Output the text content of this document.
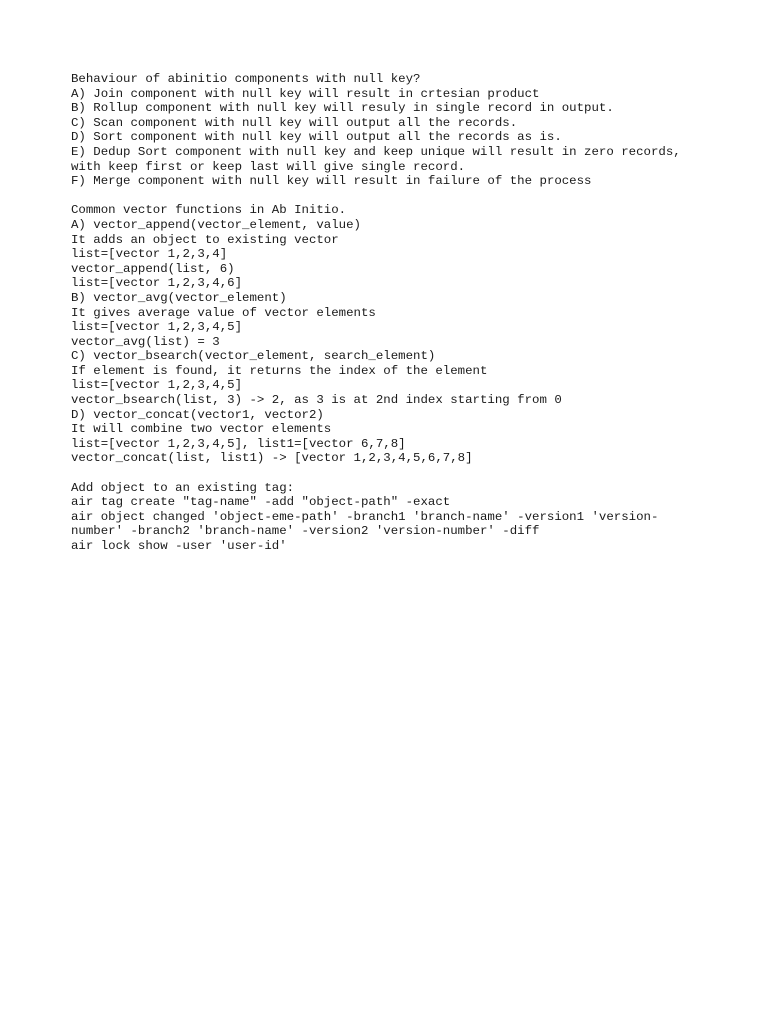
Behaviour of abinitio components with null key?
A) Join component with null key will result in crtesian product
B) Rollup component with null key will resuly in single record in output.
C) Scan component with null key will output all the records.
D) Sort component with null key will output all the records as is.
E) Dedup Sort component with null key and keep unique will result in zero records,
with keep first or keep last will give single record.
F) Merge component with null key will result in failure of the process
Common vector functions in Ab Initio.
A) vector_append(vector_element, value)
It adds an object to existing vector
list=[vector 1,2,3,4]
vector_append(list, 6)
list=[vector 1,2,3,4,6]
B) vector_avg(vector_element)
It gives average value of vector elements
list=[vector 1,2,3,4,5]
vector_avg(list) = 3
C) vector_bsearch(vector_element, search_element)
If element is found, it returns the index of the element
list=[vector 1,2,3,4,5]
vector_bsearch(list, 3) -> 2, as 3 is at 2nd index starting from 0
D) vector_concat(vector1, vector2)
It will combine two vector elements
list=[vector 1,2,3,4,5], list1=[vector 6,7,8]
vector_concat(list, list1) -> [vector 1,2,3,4,5,6,7,8]
Add object to an existing tag:
air tag create "tag-name" -add "object-path" -exact
air object changed 'object-eme-path' -branch1 'branch-name' -version1 'version-
number' -branch2 'branch-name' -version2 'version-number' -diff
air lock show -user 'user-id'
